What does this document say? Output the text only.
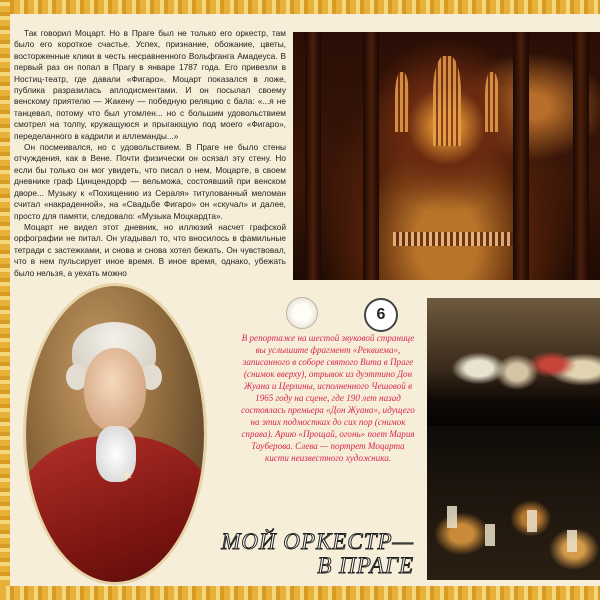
Так говорил Моцарт. Но в Праге был не только его оркестр, там было его короткое счастье. Успех, признание, обожание, цветы, восторженные клики в честь несравненного Вольфганга Амадеуса. В первый раз он попал в Прагу в январе 1787 года. Его привезли в Ностиц-театр, где давали «Фигаро». Моцарт показался в ложе, публика разразилась аплодисментами. И он посылал своему венскому приятелю — Жакену — победную реляцию с бала: «...я не танцевал, потому что был утомлен... но с большим удовольствием смотрел на толпу, кружащуюся и прыгающую под моего «Фигаро», переделанного в кадрили и аллеманды...»

Он посмеивался, но с удовольствием. В Праге не было стены отчуждения, как в Вене. Почти физически он осязал эту стену. Но если бы только он мог увидеть, что писал о нем, Моцарте, в своем дневнике граф Цинцендорф — вельможа, состоявший при венском дворе... Музыку к «Похищению из Сераля» титулованный меломан считал «накраденной», на «Свадьбе Фигаро» он «скучал» и далее, просто для памяти, следовало: «Музыка Моцкардта».

Моцарт не видел этот дневник, но иллюзий насчет графской орфографии не питал. Он угадывал то, что вносилось в фамильные тетради с застежками, и снова и снова хотел бежать. Он чувствовал, что в нем пульсирует иное время. В иное время, однако, убежать было нельзя, а уехать можно

✶
6
В репортаже на шестой звуковой странице вы услышите фрагмент «Реквиема», записанного в соборе святого Вита в Праге (снимок вверху), отрывок из дуэттино Дон Жуана и Церлины, исполненного Чешовой в 1965 году на сцене, где 190 лет назад состоялась премьера «Дон Жуана», идущего на этих подмостках до сих пор (снимок справа). Арию «Прощай, огонь» поет Мария Тауберова. Слева — портрет Моцарта кисти неизвестного художника.
МОЙ ОРКЕСТР—
В ПРАГЕ
